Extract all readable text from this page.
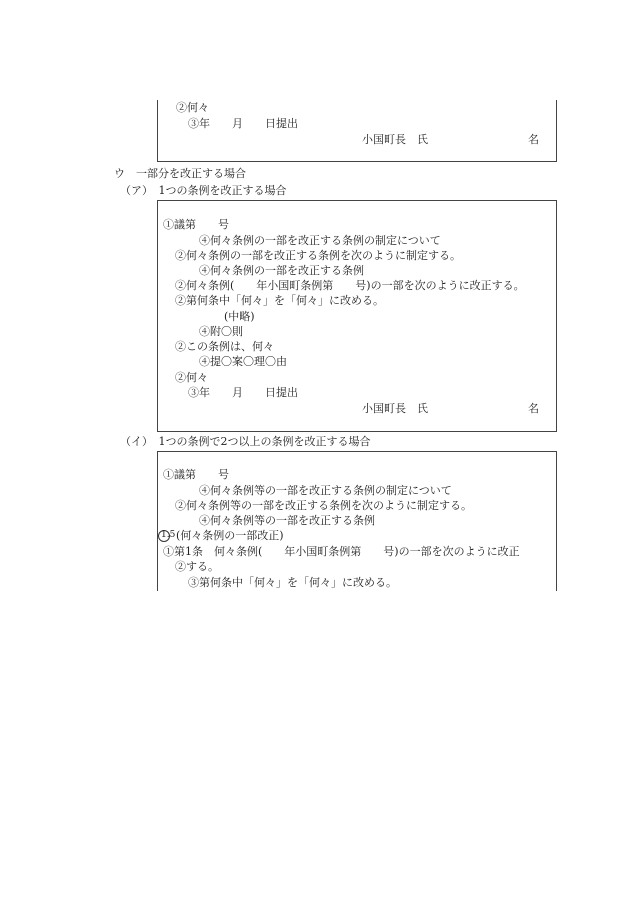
②何々
③年　　月　　日提出
小国町長　氏	名
ウ　一部分を改正する場合
（ア）　1つの条例を改正する場合
①議第　　号
④何々条例の一部を改正する条例の制定について
②何々条例の一部を改正する条例を次のように制定する。
④何々条例の一部を改正する条例
②何々条例(　　年小国町条例第　　号)の一部を次のように改正する。
②第何条中「何々」を「何々」に改める。
(中略)
④附〇則
②この条例は、何々
④提〇案〇理〇由
②何々
③年　　月　　日提出
小国町長　氏	名
（イ）　1つの条例で2つ以上の条例を改正する場合
①議第　　号
④何々条例等の一部を改正する条例の制定について
②何々条例等の一部を改正する条例を次のように制定する。
④何々条例等の一部を改正する条例
1.5 (何々条例の一部改正)
①第1条　何々条例(　　年小国町条例第　　号)の一部を次のように改正
②する。
③第何条中「何々」を「何々」に改める。
